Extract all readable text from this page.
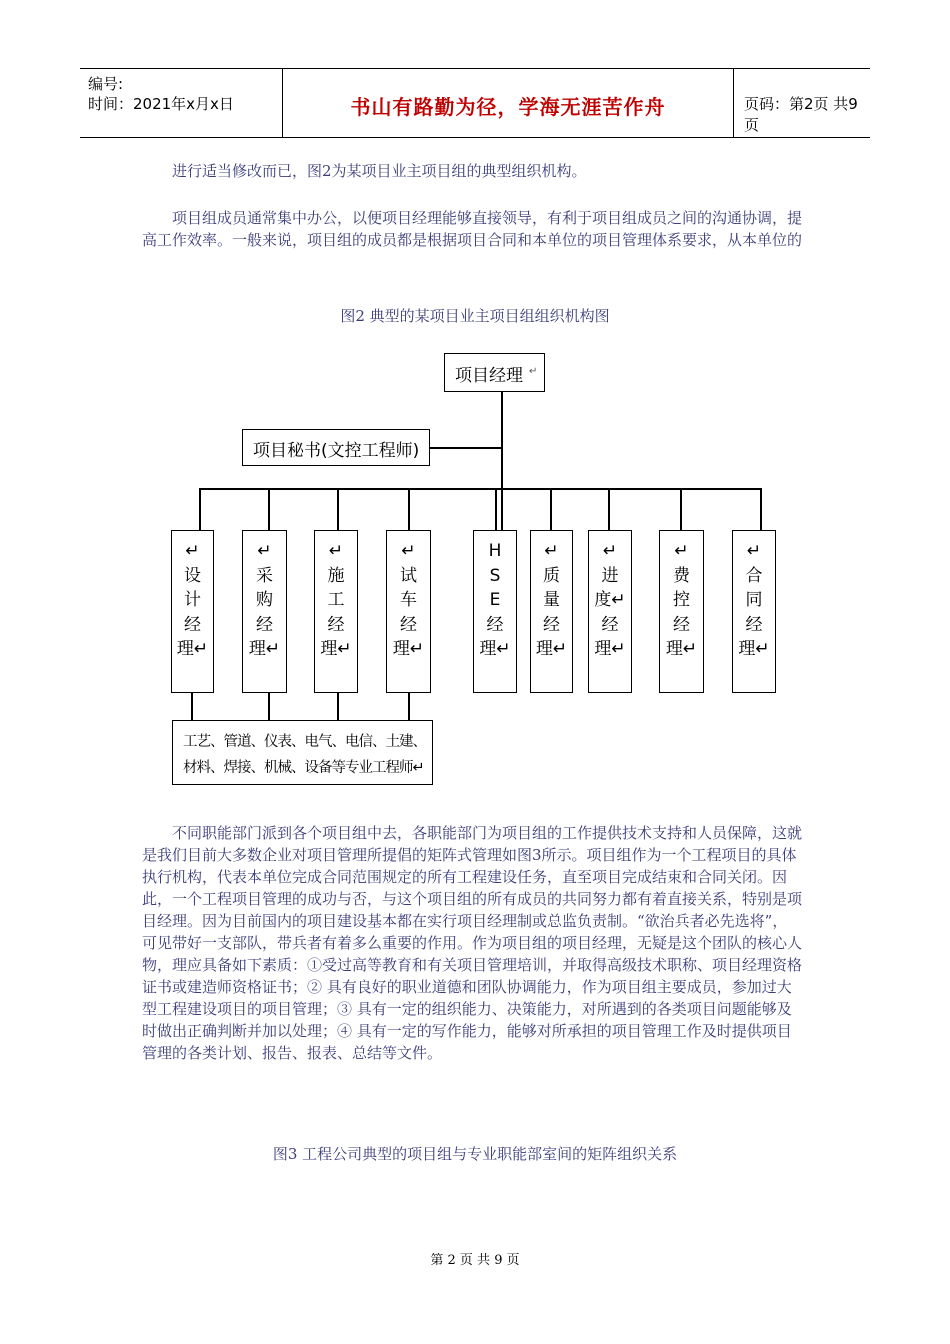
编号:
时间：2021年x月x日	书山有路勤为径，学海无涯苦作舟	页码：第2页 共9页

进行适当修改而已，图2为某项目业主项目组的典型组织机构。

项目组成员通常集中办公，以便项目经理能够直接领导，有利于项目组成员之间的沟通协调，提高工作效率。一般来说，项目组的成员都是根据项目合同和本单位的项目管理体系要求，从本单位的

图2 典型的某项目业主项目组组织机构图
项目经理 ↵
项目秘书(文控工程师)
↵
设
计
经
理↵
↵
采
购
经
理↵
↵
施
工
经
理↵
↵
试
车
经
理↵
H
S
E
经
理↵
↵
质
量
经
理↵
↵
进
度↵
经
理↵
↵
费
控
经
理↵
↵
合
同
经
理↵
工艺、管道、仪表、电气、电信、土建、
材料、焊接、机械、设备等专业工程师↵

不同职能部门派到各个项目组中去，各职能部门为项目组的工作提供技术支持和人员保障，这就是我们目前大多数企业对项目管理所提倡的矩阵式管理如图3所示。项目组作为一个工程项目的具体执行机构，代表本单位完成合同范围规定的所有工程建设任务，直至项目完成结束和合同关闭。因此，一个工程项目管理的成功与否，与这个项目组的所有成员的共同努力都有着直接关系，特别是项目经理。因为目前国内的项目建设基本都在实行项目经理制或总监负责制。“欲治兵者必先选将”，可见带好一支部队，带兵者有着多么重要的作用。作为项目组的项目经理，无疑是这个团队的核心人物，理应具备如下素质：①受过高等教育和有关项目管理培训，并取得高级技术职称、项目经理资格证书或建造师资格证书；② 具有良好的职业道德和团队协调能力，作为项目组主要成员，参加过大型工程建设项目的项目管理；③ 具有一定的组织能力、决策能力，对所遇到的各类项目问题能够及时做出正确判断并加以处理；④ 具有一定的写作能力，能够对所承担的项目管理工作及时提供项目管理的各类计划、报告、报表、总结等文件。

图3 工程公司典型的项目组与专业职能部室间的矩阵组织关系
第 2 页 共 9 页
